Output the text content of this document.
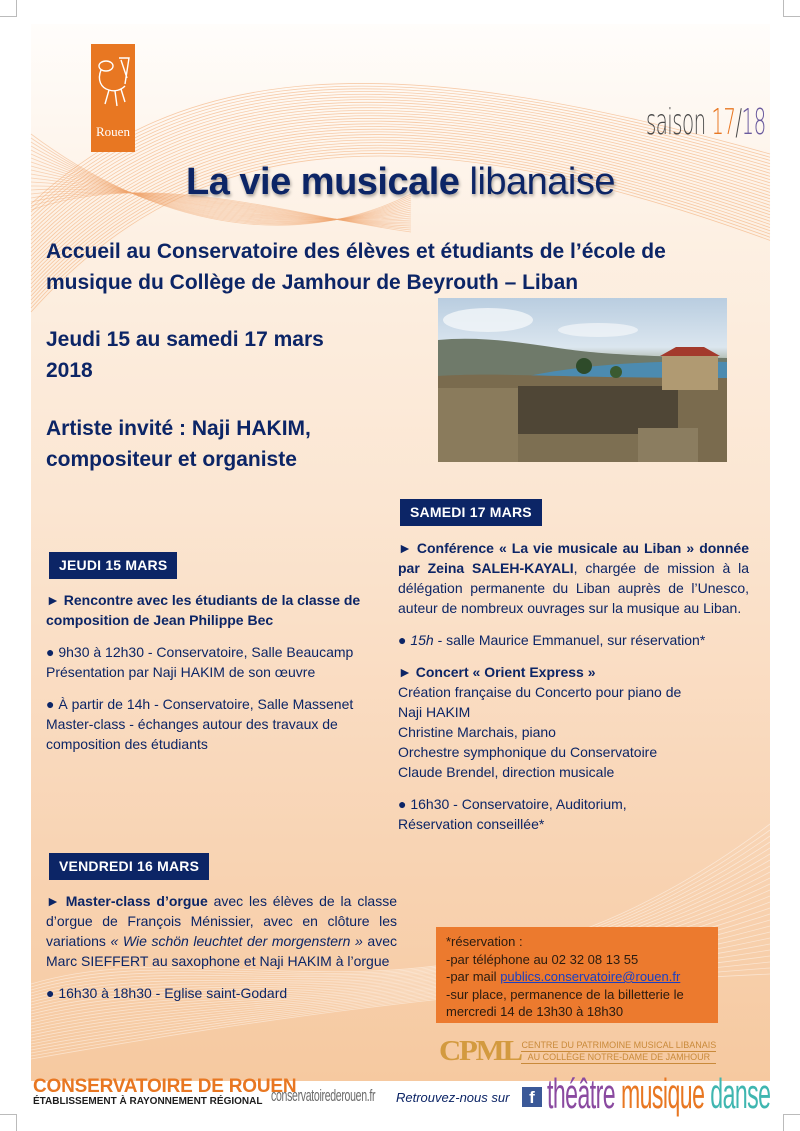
Rouen	saison 17/18
La vie musicale libanaise
Accueil au Conservatoire des élèves et étudiants de l’école de musique du Collège de Jamhour de Beyrouth – Liban
Jeudi 15 au samedi 17 mars
2018
Artiste invité : Naji HAKIM,
compositeur et organiste
JEUDI 15 MARS

► Rencontre avec les étudiants de la classe de composition de Jean Philippe Bec

● 9h30 à 12h30 - Conservatoire, Salle Beaucamp
Présentation par Naji HAKIM de son œuvre

● À partir de 14h - Conservatoire, Salle Massenet
Master-class - échanges autour des travaux de composition des étudiants

VENDREDI 16 MARS

► Master-class d’orgue avec les élèves de la classe d’orgue de François Ménissier, avec en clôture les variations « Wie schön leuchtet der morgenstern » avec Marc SIEFFERT au saxophone et Naji HAKIM à l’orgue

● 16h30 à 18h30 - Eglise saint-Godard

SAMEDI 17 MARS

► Conférence « La vie musicale au Liban » donnée par Zeina SALEH-KAYALI, chargée de mission à la délégation permanente du Liban auprès de l’Unesco, auteur de nombreux ouvrages sur la musique au Liban.

● 15h - salle Maurice Emmanuel, sur réservation*

► Concert « Orient Express »
Création française du Concerto pour piano de
Naji HAKIM
Christine Marchais, piano
Orchestre symphonique du Conservatoire
Claude Brendel, direction musicale

● 16h30 - Conservatoire, Auditorium,
Réservation conseillée*

*réservation :
-par téléphone au 02 32 08 13 55
-par mail publics.conservatoire@rouen.fr
-sur place, permanence de la billetterie le
mercredi 14 de 13h30 à 18h30
CPML CENTRE DU PATRIMOINE MUSICAL LIBANAIS
AU COLLÈGE NOTRE-DAME DE JAMHOUR
CONSERVATOIRE DE ROUEN
ÉTABLISSEMENT À RAYONNEMENT RÉGIONAL conservatoirederouen.fr Retrouvez-nous sur	f théâtre musique danse
